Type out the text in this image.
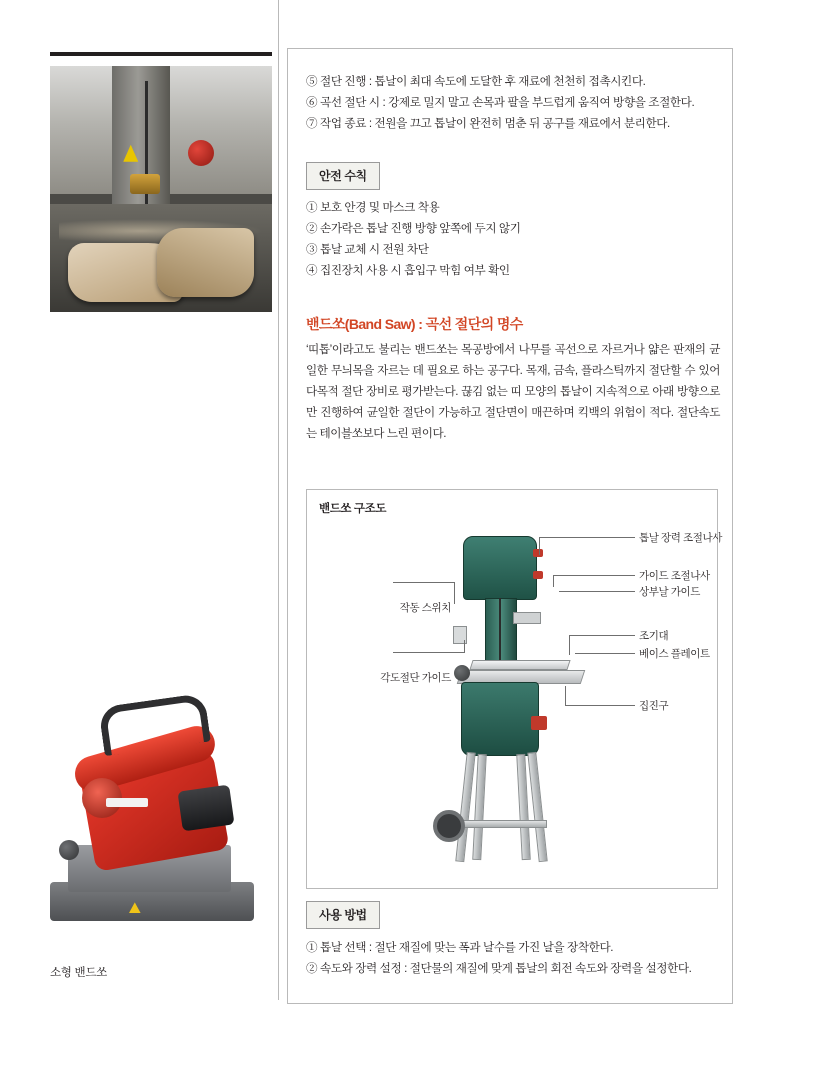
소형 밴드쏘
⑤ 절단 진행 : 톱날이 최대 속도에 도달한 후 재료에 천천히 접촉시킨다.
⑥ 곡선 절단 시 : 강제로 밀지 말고 손목과 팔을 부드럽게 움직여 방향을 조절한다.
⑦ 작업 종료 : 전원을 끄고 톱날이 완전히 멈춘 뒤 공구를 재료에서 분리한다.
안전 수칙
① 보호 안경 및 마스크 착용
② 손가락은 톱날 진행 방향 앞쪽에 두지 않기
③ 톱날 교체 시 전원 차단
④ 집진장치 사용 시 흡입구 막힘 여부 확인
밴드쏘(Band Saw) : 곡선 절단의 명수
‘띠톱’이라고도 불리는 밴드쏘는 목공방에서 나무를 곡선으로 자르거나 얇은 판재의 균일한 무늬목을 자르는 데 필요로 하는 공구다. 목재, 금속, 플라스틱까지 절단할 수 있어 다목적 절단 장비로 평가받는다. 끊김 없는 띠 모양의 톱날이 지속적으로 아래 방향으로만 진행하여 균일한 절단이 가능하고 절단면이 매끈하며 킥백의 위험이 적다. 절단속도는 테이블쏘보다 느린 편이다.
밴드쏘 구조도
톱날 장력 조절나사
가이드 조절나사
상부날 가이드
조기대
베이스 플레이트
집진구
작동 스위치
각도절단 가이드
사용 방법
① 톱날 선택 : 절단 재질에 맞는 폭과 날수를 가진 날을 장착한다.
② 속도와 장력 설정 : 절단물의 재질에 맞게 톱날의 회전 속도와 장력을 설정한다.
